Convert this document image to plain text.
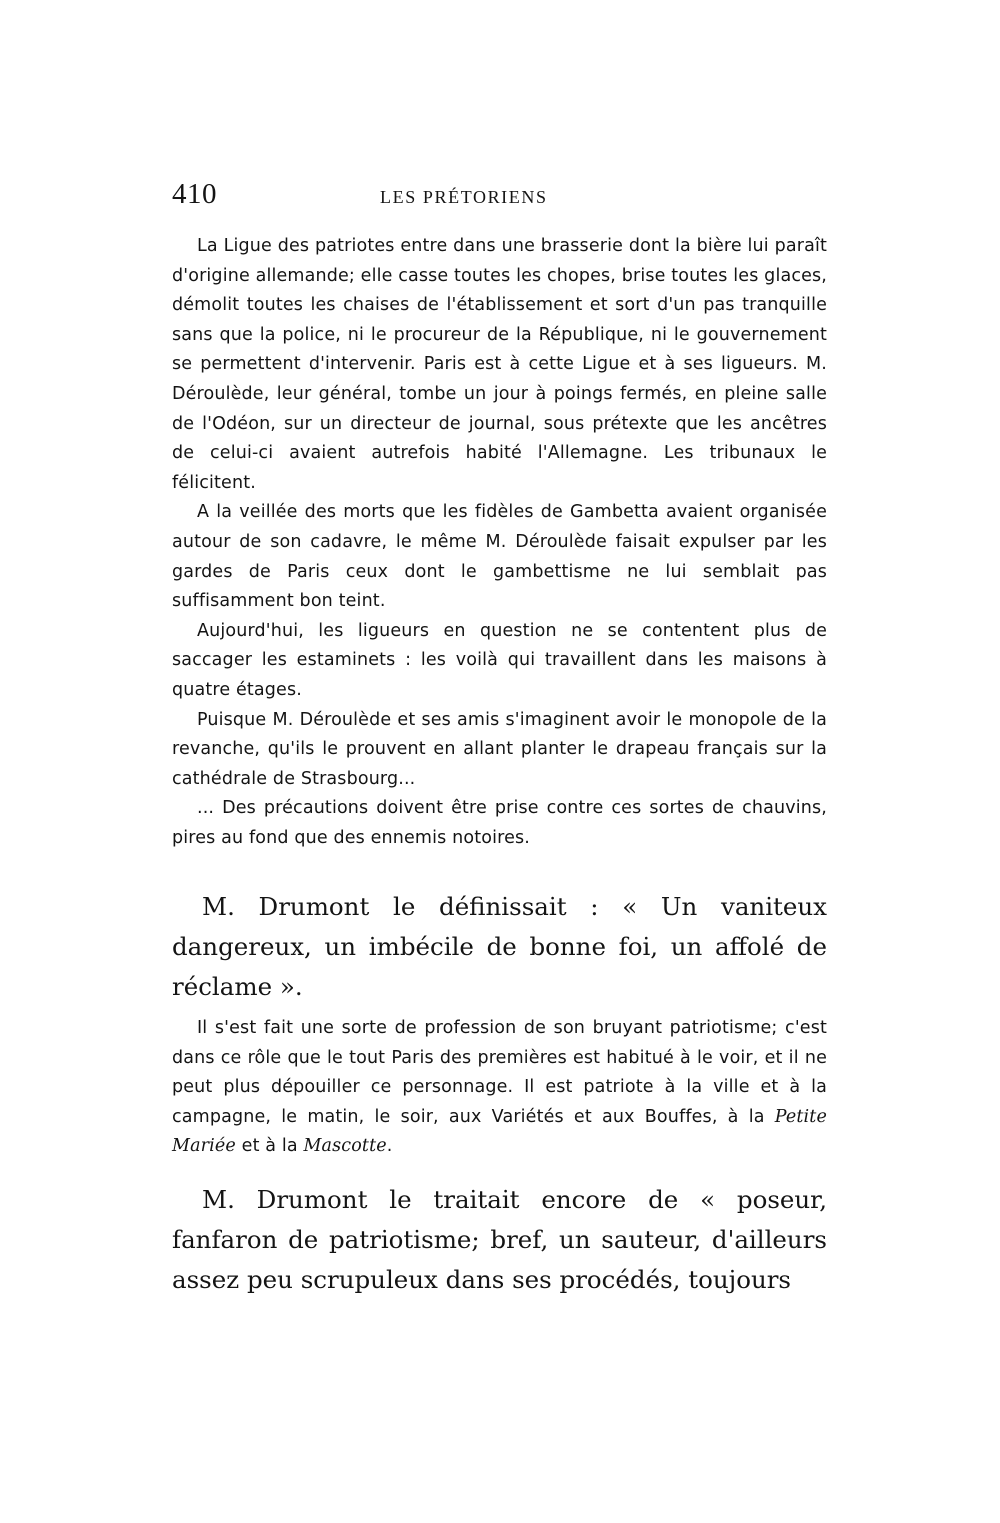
410	LES PRÉTORIENS

La Ligue des patriotes entre dans une brasserie dont la bière lui paraît d'origine allemande; elle casse toutes les chopes, brise toutes les glaces, démolit toutes les chaises de l'établissement et sort d'un pas tranquille sans que la police, ni le procureur de la République, ni le gouvernement se permettent d'intervenir. Paris est à cette Ligue et à ses ligueurs. M. Déroulède, leur général, tombe un jour à poings fermés, en pleine salle de l'Odéon, sur un directeur de journal, sous prétexte que les ancêtres de celui-ci avaient autrefois habité l'Allemagne. Les tribunaux le félicitent.

A la veillée des morts que les fidèles de Gambetta avaient organisée autour de son cadavre, le même M. Déroulède faisait expulser par les gardes de Paris ceux dont le gambettisme ne lui semblait pas suffisamment bon teint.

Aujourd'hui, les ligueurs en question ne se contentent plus de saccager les estaminets : les voilà qui travaillent dans les maisons à quatre étages.

Puisque M. Déroulède et ses amis s'imaginent avoir le monopole de la revanche, qu'ils le prouvent en allant planter le drapeau français sur la cathédrale de Strasbourg...

... Des précautions doivent être prise contre ces sortes de chauvins, pires au fond que des ennemis notoires.

M. Drumont le définissait : « Un vaniteux dangereux, un imbécile de bonne foi, un affolé de réclame ».

Il s'est fait une sorte de profession de son bruyant patriotisme; c'est dans ce rôle que le tout Paris des premières est habitué à le voir, et il ne peut plus dépouiller ce personnage. Il est patriote à la ville et à la campagne, le matin, le soir, aux Variétés et aux Bouffes, à la Petite Mariée et à la Mascotte.

M. Drumont le traitait encore de « poseur, fanfaron de patriotisme; bref, un sauteur, d'ailleurs assez peu scrupuleux dans ses procédés, toujours
